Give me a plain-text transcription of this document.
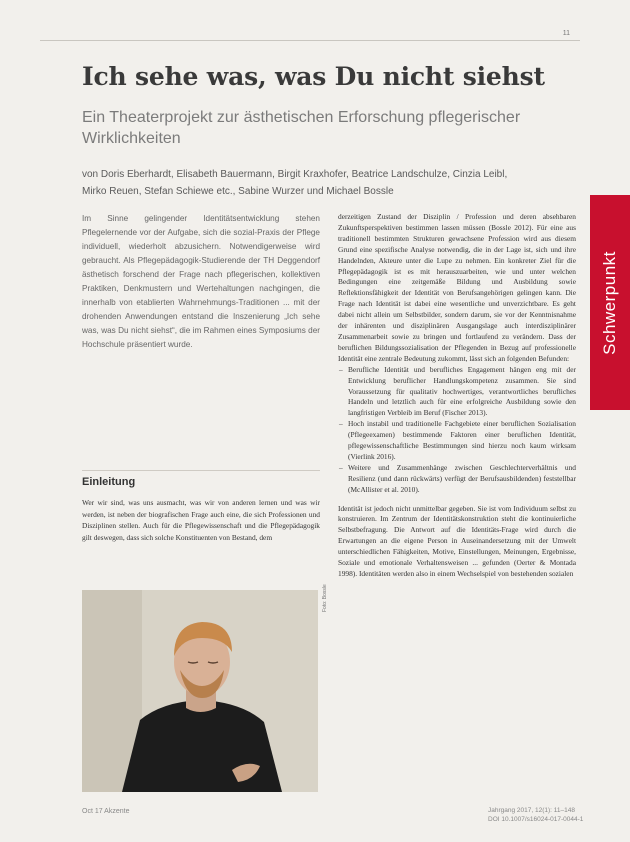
11
Ich sehe was, was Du nicht siehst
Ein Theaterprojekt zur ästhetischen Erforschung pflegerischer Wirklichkeiten
von Doris Eberhardt, Elisabeth Bauermann, Birgit Kraxhofer, Beatrice Landschulze, Cinzia Leibl, Mirko Reuen, Stefan Schiewe etc., Sabine Wurzer und Michael Bossle
Schwerpunkt
Im Sinne gelingender Identitätsentwicklung stehen Pflegelernende vor der Aufgabe, sich die sozial-Praxis der Pflege individuell, wiederholt abzusichern. Notwendigerweise wird gebraucht. Als Pflegepädagogik-Studierende der TH Deggendorf ästhetisch forschend der Frage nach pflegerischen, kollektiven Praktiken, Denkmustern und Wertehaltungen nachgingen, die innerhalb von etablierten Wahrnehmungs-Traditionen ... mit der drohenden Anwendungen entstand die Inszenierung „Ich sehe was, was Du nicht siehst“, die im Rahmen eines Symposiums der Hochschule präsentiert wurde.
Einleitung
Wer wir sind, was uns ausmacht, was wir von anderen lernen und was wir werden, ist neben der biografischen Frage auch eine, die sich Professionen und Disziplinen stellen. Auch für die Pflegewissenschaft und die Pflegepädagogik gilt deswegen, dass sich solche Konstituenten von Bestand, dem
Foto: Bossle

derzeitigen Zustand der Disziplin / Profession und deren absehbaren Zukunftsperspektiven bestimmen lassen müssen (Bossle 2012). Für eine aus traditionell bestimmten Strukturen gewachsene Profession wird aus diesem Grund eine spezifische Analyse notwendig, die in der Lage ist, sich und ihre Handelnden, Akteure unter die Lupe zu nehmen. Ein konkreter Ziel für die Pflegepädagogik ist es mit herauszuarbeiten, wie und unter welchen Bedingungen eine zeitgemäße Bildung und Ausbildung sowie Reflektionsfähigkeit der Identität von Berufsangehörigen gelingen kann. Die Frage nach Identität ist dabei eine wesentliche und unverzichtbare. Es geht dabei nicht allein um Selbstbilder, sondern darum, sie vor der Kenntnisnahme der inhärenten und disziplinären Ausgangslage auch interdisziplinärer Zusammenarbeit sowie zu bringen und fortlaufend zu verändern. Dass der beruflichen Bildungssozialisation der Pflegenden in Bezug auf professionelle Identität eine zentrale Bedeutung zukommt, lässt sich an folgenden Befunden:

– Berufliche Identität und berufliches Engagement hängen eng mit der Entwicklung beruflicher Handlungskompetenz zusammen. Sie sind Voraussetzung für qualitativ hochwertiges, verantwortliches berufliches Handeln und letztlich auch für eine erfolgreiche Ausbildung sowie den langfristigen Verbleib im Beruf (Fischer 2013).
– Hoch instabil und traditionelle Fachgebiete einer beruflichen Sozialisation (Pflegeexamen) bestimmende Faktoren einer beruflichen Identität, pflegewissenschaftliche Bestimmungen sind hierzu noch kaum wirksam (Vierlink 2016).
– Weitere und Zusammenhänge zwischen Geschlechterverhältnis und Resilienz (und dann rückwärts) verfügt der Berufsausbildenden) feststellbar (McAllister et al. 2010).

Identität ist jedoch nicht unmittelbar gegeben. Sie ist vom Individuum selbst zu konstruieren. Im Zentrum der Identitätskonstruktion steht die kontinuierliche Selbstbefragung. Die Antwort auf die Identitäts-Frage wird durch die Erwartungen an die eigene Person in Auseinandersetzung mit der Umwelt unterschiedlichen Fähigkeiten, Motive, Einstellungen, Meinungen, Ergebnisse, Soziale und emotionale Verhaltensweisen ... gefunden (Oerter & Montada 1998). Identitäten werden also in einem Wechselspiel von bestehenden sozialen

Oct 17 Akzente	Jahrgang 2017, 12(1): 11–148
DOI 10.1007/s16024-017-0044-1
